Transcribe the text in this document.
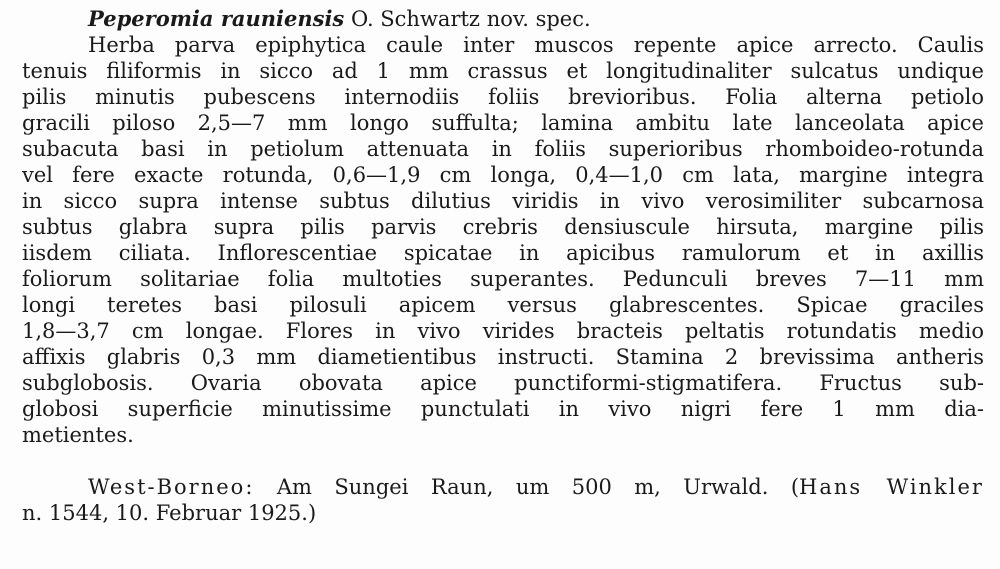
Peperomia rauniensis O. Schwartz nov. spec.
Herba parva epiphytica caule inter muscos repente apice arrecto. Caulis
tenuis filiformis in sicco ad 1 mm crassus et longitudinaliter sulcatus undique
pilis minutis pubescens internodiis foliis brevioribus. Folia alterna petiolo
gracili piloso 2,5—7 mm longo suffulta; lamina ambitu late lanceolata apice
subacuta basi in petiolum attenuata in foliis superioribus rhomboideo-rotunda
vel fere exacte rotunda, 0,6—1,9 cm longa, 0,4—1,0 cm lata, margine integra
in sicco supra intense subtus dilutius viridis in vivo verosimiliter subcarnosa
subtus glabra supra pilis parvis crebris densiuscule hirsuta, margine pilis
iisdem ciliata. Inflorescentiae spicatae in apicibus ramulorum et in axillis
foliorum solitariae folia multoties superantes. Pedunculi breves 7—11 mm
longi teretes basi pilosuli apicem versus glabrescentes. Spicae graciles
1,8—3,7 cm longae. Flores in vivo virides bracteis peltatis rotundatis medio
affixis glabris 0,3 mm diametientibus instructi. Stamina 2 brevissima antheris
subglobosis. Ovaria obovata apice punctiformi-stigmatifera. Fructus sub-
globosi superficie minutissime punctulati in vivo nigri fere 1 mm dia-
metientes.
West-Borneo: Am Sungei Raun, um 500 m, Urwald. (Hans Winkler
n. 1544, 10. Februar 1925.)
